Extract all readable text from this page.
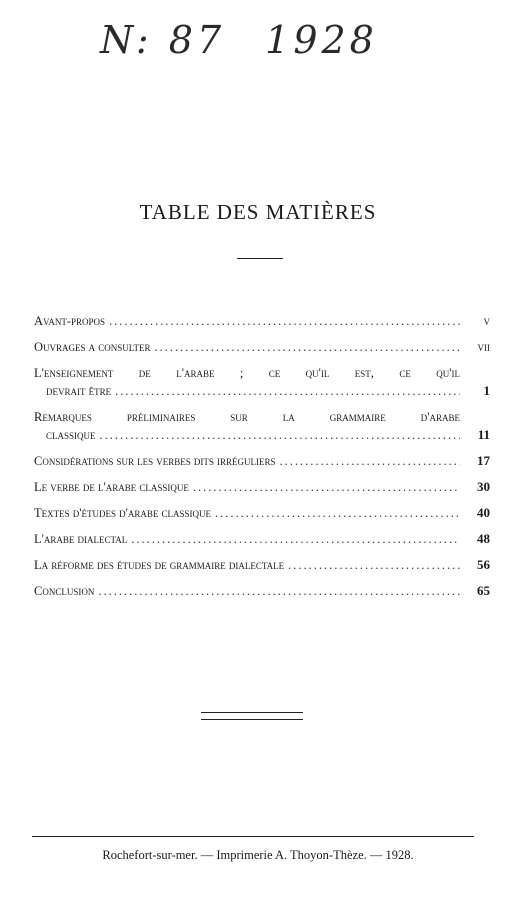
N: 87 1928
TABLE DES MATIÈRES
Avant-propos .....	v
Ouvrages a consulter .....	vii
L'enseignement de l'arabe ; ce qu'il est, ce qu'il
devrait être .....	1
Remarques préliminaires sur la grammaire d'arabe
classique .....	11
Considérations sur les verbes dits irréguliers .....	17
Le verbe de l'arabe classique .....	30
Textes d'études d'arabe classique .....	40
L'arabe dialectal .....	48
La réforme des études de grammaire dialectale .....	56
Conclusion .....	65
Rochefort-sur-mer. — Imprimerie A. Thoyon-Thèze. — 1928.
